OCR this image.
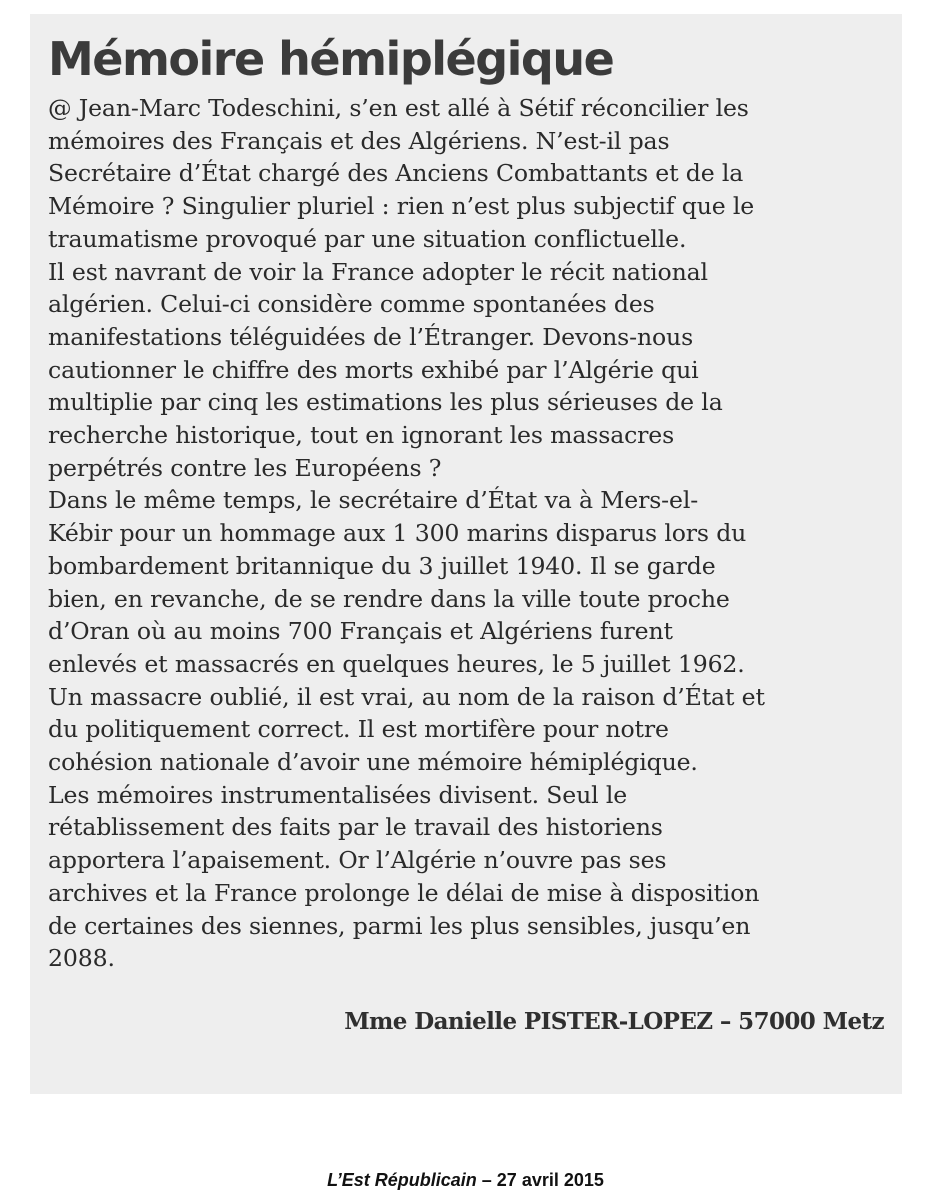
Mémoire hémiplégique

@ Jean-Marc Todeschini, s’en est allé à Sétif réconcilier les
mémoires des Français et des Algériens. N’est-il pas
Secrétaire d’État chargé des Anciens Combattants et de la
Mémoire ? Singulier pluriel : rien n’est plus subjectif que le
traumatisme provoqué par une situation conflictuelle.

Il est navrant de voir la France adopter le récit national
algérien. Celui-ci considère comme spontanées des
manifestations téléguidées de l’Étranger. Devons-nous
cautionner le chiffre des morts exhibé par l’Algérie qui
multiplie par cinq les estimations les plus sérieuses de la
recherche historique, tout en ignorant les massacres
perpétrés contre les Européens ?

Dans le même temps, le secrétaire d’État va à Mers-el-
Kébir pour un hommage aux 1 300 marins disparus lors du
bombardement britannique du 3 juillet 1940. Il se garde
bien, en revanche, de se rendre dans la ville toute proche
d’Oran où au moins 700 Français et Algériens furent
enlevés et massacrés en quelques heures, le 5 juillet 1962.
Un massacre oublié, il est vrai, au nom de la raison d’État et
du politiquement correct. Il est mortifère pour notre
cohésion nationale d’avoir une mémoire hémiplégique.

Les mémoires instrumentalisées divisent. Seul le
rétablissement des faits par le travail des historiens
apportera l’apaisement. Or l’Algérie n’ouvre pas ses
archives et la France prolonge le délai de mise à disposition
de certaines des siennes, parmi les plus sensibles, jusqu’en
2088.

Mme Danielle PISTER-LOPEZ – 57000 Metz
L’Est Républicain – 27 avril 2015
